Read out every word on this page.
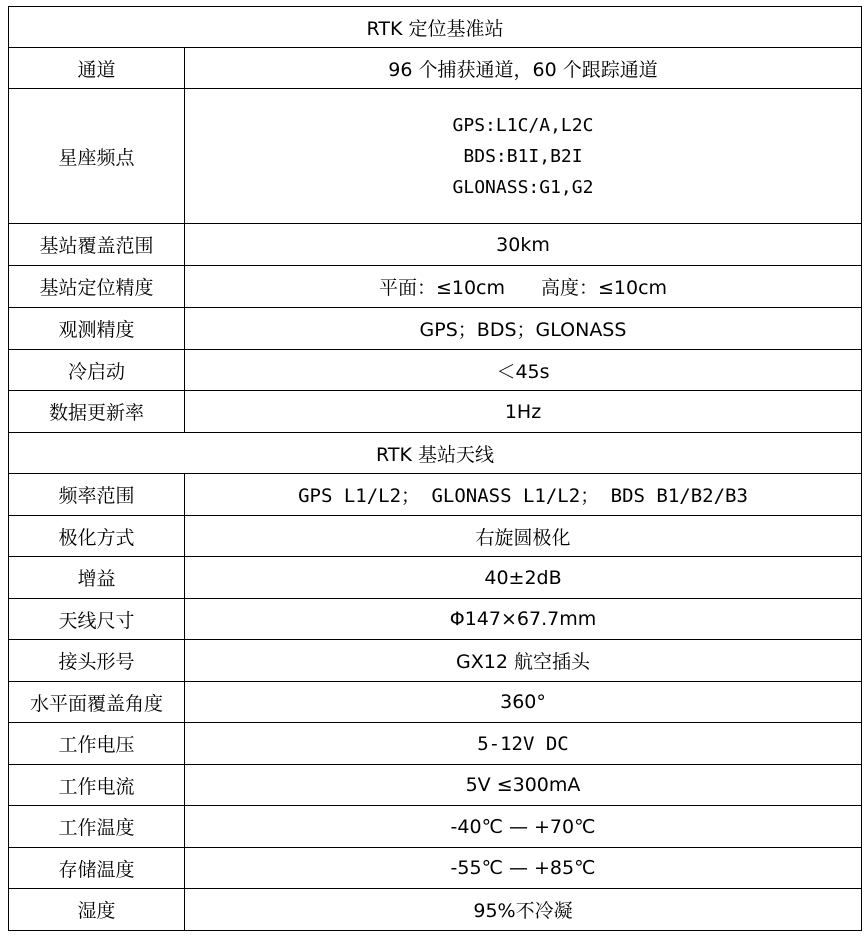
RTK 定位基准站	
通道	96 个捕获通道，60 个跟踪通道
星座频点	GPS:L1C/A,L2C
BDS:B1I,B2I
GLONASS:G1,G2

基站覆盖范围	30km
基站定位精度	平面：≤10cm 高度：≤10cm
观测精度	GPS；BDS；GLONASS
冷启动	＜45s
数据更新率	1Hz
RTK 基站天线	
频率范围	GPS L1/L2； GLONASS L1/L2； BDS B1/B2/B3
极化方式	右旋圆极化
增益	40±2dB
天线尺寸	Φ147×67.7mm
接头形号	GX12 航空插头
水平面覆盖角度	360°
工作电压	5-12V DC
工作电流	5V ≤300mA
工作温度	-40℃ — +70℃
存储温度	-55℃ — +85℃
湿度	95%不冷凝
